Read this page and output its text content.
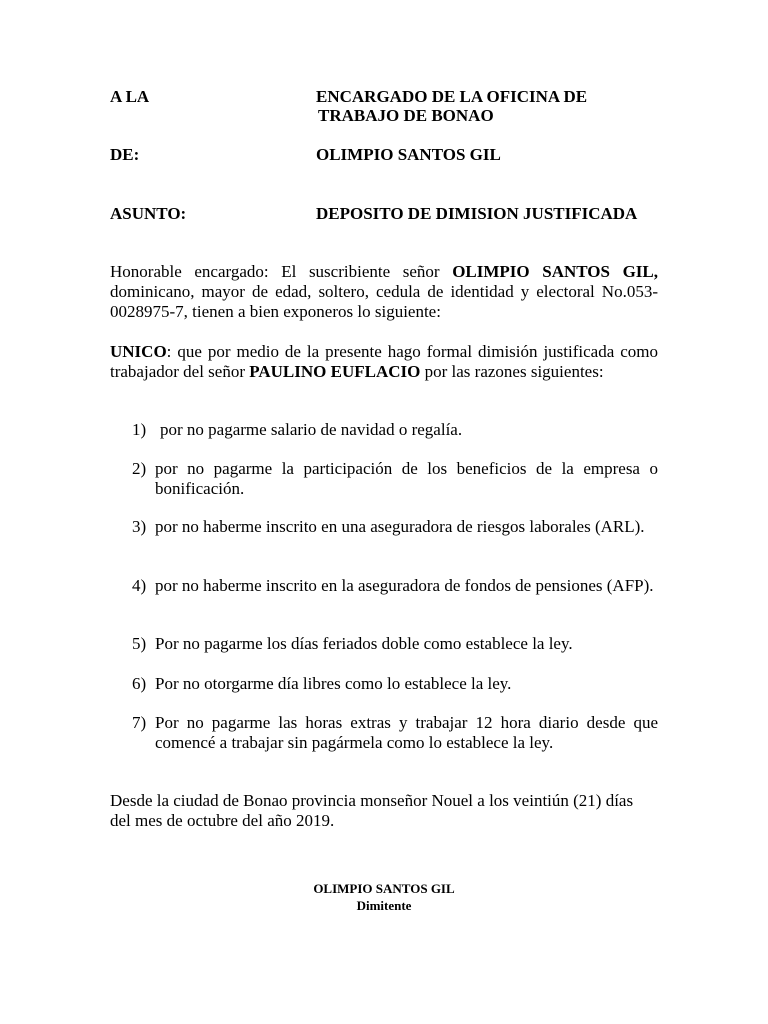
A LA	ENCARGADO DE LA OFICINA DE
TRABAJO DE BONAO
DE:	OLIMPIO SANTOS GIL
ASUNTO:	DEPOSITO DE DIMISION JUSTIFICADA
Honorable encargado: El suscribiente señor OLIMPIO SANTOS GIL, dominicano, mayor de edad, soltero, cedula de identidad y electoral No.053-0028975-7, tienen a bien exponeros lo siguiente:
UNICO: que por medio de la presente hago formal dimisión justificada como trabajador del señor PAULINO EUFLACIO por las razones siguientes:
1) por no pagarme salario de navidad o regalía.
2) por no pagarme la participación de los beneficios de la empresa o bonificación.
3) por no haberme inscrito en una aseguradora de riesgos laborales (ARL).
4) por no haberme inscrito en la aseguradora de fondos de pensiones (AFP).
5) Por no pagarme los días feriados doble como establece la ley.
6) Por no otorgarme día libres como lo establece la ley.
7) Por no pagarme las horas extras y trabajar 12 hora diario desde que comencé a trabajar sin pagármela como lo establece la ley.
Desde la ciudad de Bonao provincia monseñor Nouel a los veintiún (21) días del mes de octubre del año 2019.
OLIMPIO SANTOS GIL
Dimitente
